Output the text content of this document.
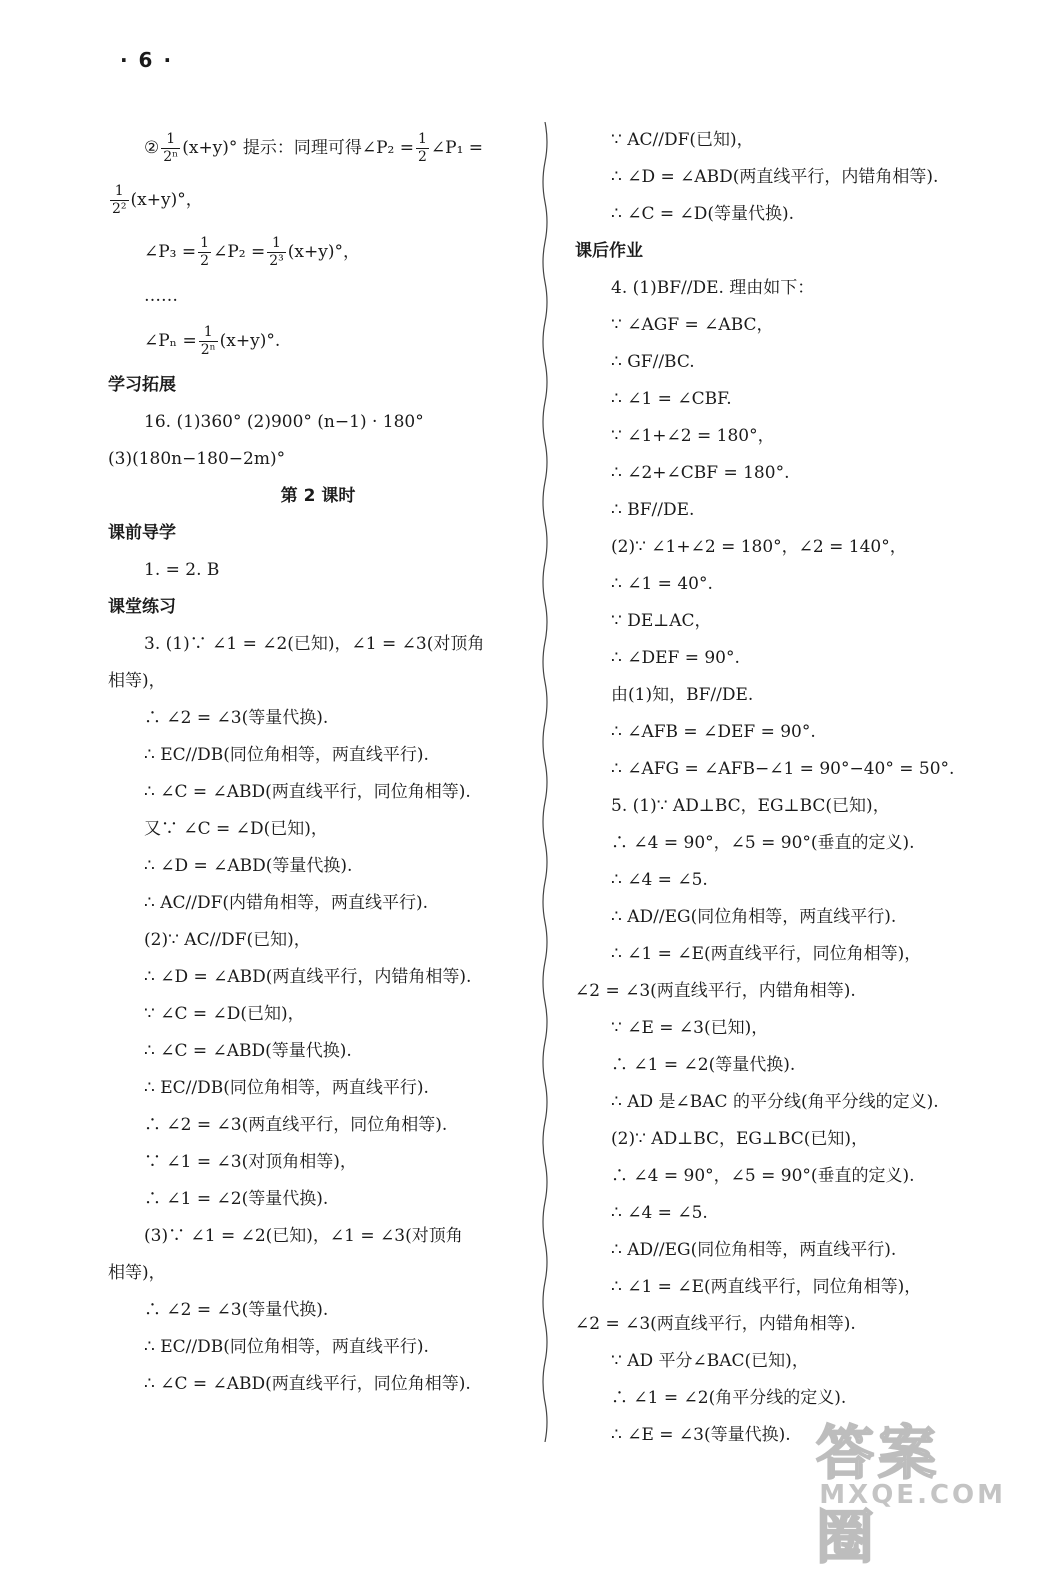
· 6 ·
② $\frac{1}{\text{2ⁿ}} (x+y)^\circ$ 提示：同理可得∠P₂ = $\frac{1}{2}$ ∠P₁ =
$\frac{1}{\text{2²}} (x+y)^\circ$，
∠P₃ = $\frac{1}{2}$ ∠P₂ = $\frac{1}{\text{2³}} (x+y)^\circ$，
……
∠Pₙ = $\frac{1}{\text{2ⁿ}} (x+y)^\circ$.
学习拓展
16. (1)360° (2)900° (n−1) · 180°
(3)(180n−180−2m)°
第 2 课时
课前导学
1. = 2. B
课堂练习
3. (1)∵ ∠1 = ∠2(已知)，∠1 = ∠3(对顶角
相等)，
∴ ∠2 = ∠3(等量代换).
∴ EC//DB(同位角相等，两直线平行).
∴ ∠C = ∠ABD(两直线平行，同位角相等).
又∵ ∠C = ∠D(已知)，
∴ ∠D = ∠ABD(等量代换).
∴ AC//DF(内错角相等，两直线平行).
(2)∵ AC//DF(已知)，
∴ ∠D = ∠ABD(两直线平行，内错角相等).
∵ ∠C = ∠D(已知)，
∴ ∠C = ∠ABD(等量代换).
∴ EC//DB(同位角相等，两直线平行).
∴ ∠2 = ∠3(两直线平行，同位角相等).
∵ ∠1 = ∠3(对顶角相等)，
∴ ∠1 = ∠2(等量代换).
(3)∵ ∠1 = ∠2(已知)，∠1 = ∠3(对顶角
相等)，
∴ ∠2 = ∠3(等量代换).
∴ EC//DB(同位角相等，两直线平行).
∴ ∠C = ∠ABD(两直线平行，同位角相等).
∵ AC//DF(已知)，
∴ ∠D = ∠ABD(两直线平行，内错角相等).
∴ ∠C = ∠D(等量代换).
课后作业
4. (1)BF//DE. 理由如下：
∵ ∠AGF = ∠ABC，
∴ GF//BC.
∴ ∠1 = ∠CBF.
∵ ∠1+∠2 = 180°，
∴ ∠2+∠CBF = 180°.
∴ BF//DE.
(2)∵ ∠1+∠2 = 180°，∠2 = 140°，
∴ ∠1 = 40°.
∵ DE⊥AC，
∴ ∠DEF = 90°.
由(1)知，BF//DE.
∴ ∠AFB = ∠DEF = 90°.
∴ ∠AFG = ∠AFB−∠1 = 90°−40° = 50°.
5. (1)∵ AD⊥BC，EG⊥BC(已知)，
∴ ∠4 = 90°，∠5 = 90°(垂直的定义).
∴ ∠4 = ∠5.
∴ AD//EG(同位角相等，两直线平行).
∴ ∠1 = ∠E(两直线平行，同位角相等)，
∠2 = ∠3(两直线平行，内错角相等).
∵ ∠E = ∠3(已知)，
∴ ∠1 = ∠2(等量代换).
∴ AD 是∠BAC 的平分线(角平分线的定义).
(2)∵ AD⊥BC，EG⊥BC(已知)，
∴ ∠4 = 90°，∠5 = 90°(垂直的定义).
∴ ∠4 = ∠5.
∴ AD//EG(同位角相等，两直线平行).
∴ ∠1 = ∠E(两直线平行，同位角相等)，
∠2 = ∠3(两直线平行，内错角相等).
∵ AD 平分∠BAC(已知)，
∴ ∠1 = ∠2(角平分线的定义).
∴ ∠E = ∠3(等量代换). 答案圈
MXQE.COM
